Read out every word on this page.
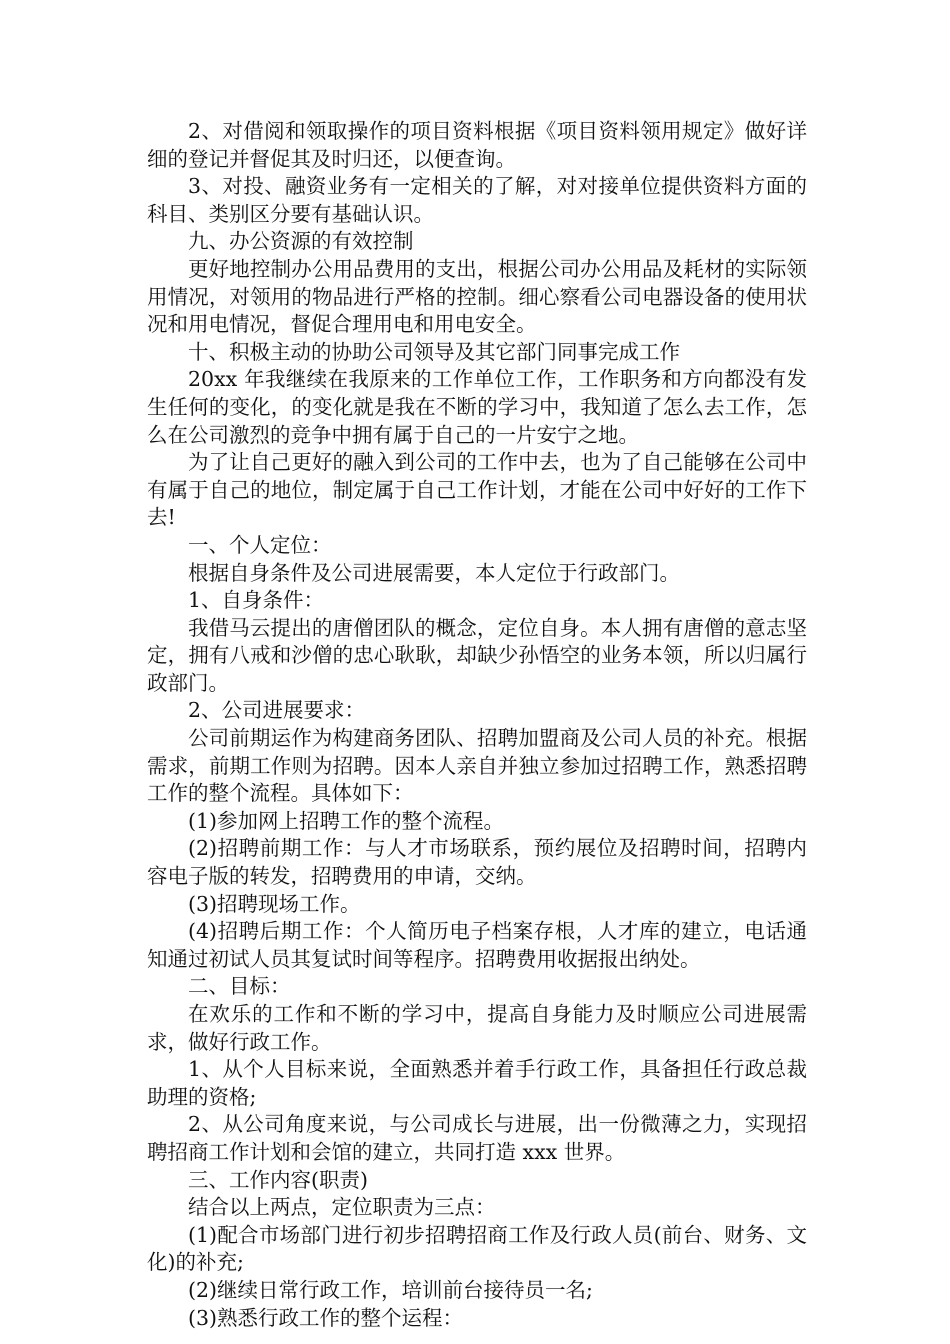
2、对借阅和领取操作的项目资料根据《项目资料领用规定》做好详细的登记并督促其及时归还，以便查询。

3、对投、融资业务有一定相关的了解，对对接单位提供资料方面的科目、类别区分要有基础认识。

九、办公资源的有效控制

更好地控制办公用品费用的支出，根据公司办公用品及耗材的实际领用情况，对领用的物品进行严格的控制。细心察看公司电器设备的使用状况和用电情况，督促合理用电和用电安全。

十、积极主动的协助公司领导及其它部门同事完成工作

20xx 年我继续在我原来的工作单位工作，工作职务和方向都没有发生任何的变化，的变化就是我在不断的学习中，我知道了怎么去工作，怎么在公司激烈的竞争中拥有属于自己的一片安宁之地。

为了让自己更好的融入到公司的工作中去，也为了自己能够在公司中有属于自己的地位，制定属于自己工作计划，才能在公司中好好的工作下去!

一、个人定位：

根据自身条件及公司进展需要，本人定位于行政部门。

1、自身条件：

我借马云提出的唐僧团队的概念，定位自身。本人拥有唐僧的意志坚定，拥有八戒和沙僧的忠心耿耿，却缺少孙悟空的业务本领，所以归属行政部门。

2、公司进展要求：

公司前期运作为构建商务团队、招聘加盟商及公司人员的补充。根据需求，前期工作则为招聘。因本人亲自并独立参加过招聘工作，熟悉招聘工作的整个流程。具体如下：

(1)参加网上招聘工作的整个流程。

(2)招聘前期工作：与人才市场联系，预约展位及招聘时间，招聘内容电子版的转发，招聘费用的申请，交纳。

(3)招聘现场工作。

(4)招聘后期工作：个人简历电子档案存根，人才库的建立，电话通知通过初试人员其复试时间等程序。招聘费用收据报出纳处。

二、目标：

在欢乐的工作和不断的学习中，提高自身能力及时顺应公司进展需求，做好行政工作。

1、从个人目标来说，全面熟悉并着手行政工作，具备担任行政总裁助理的资格;

2、从公司角度来说，与公司成长与进展，出一份微薄之力，实现招聘招商工作计划和会馆的建立，共同打造 xxx 世界。

三、工作内容(职责)

结合以上两点，定位职责为三点：

(1)配合市场部门进行初步招聘招商工作及行政人员(前台、财务、文化)的补充;

(2)继续日常行政工作，培训前台接待员一名;

(3)熟悉行政工作的整个运程：
